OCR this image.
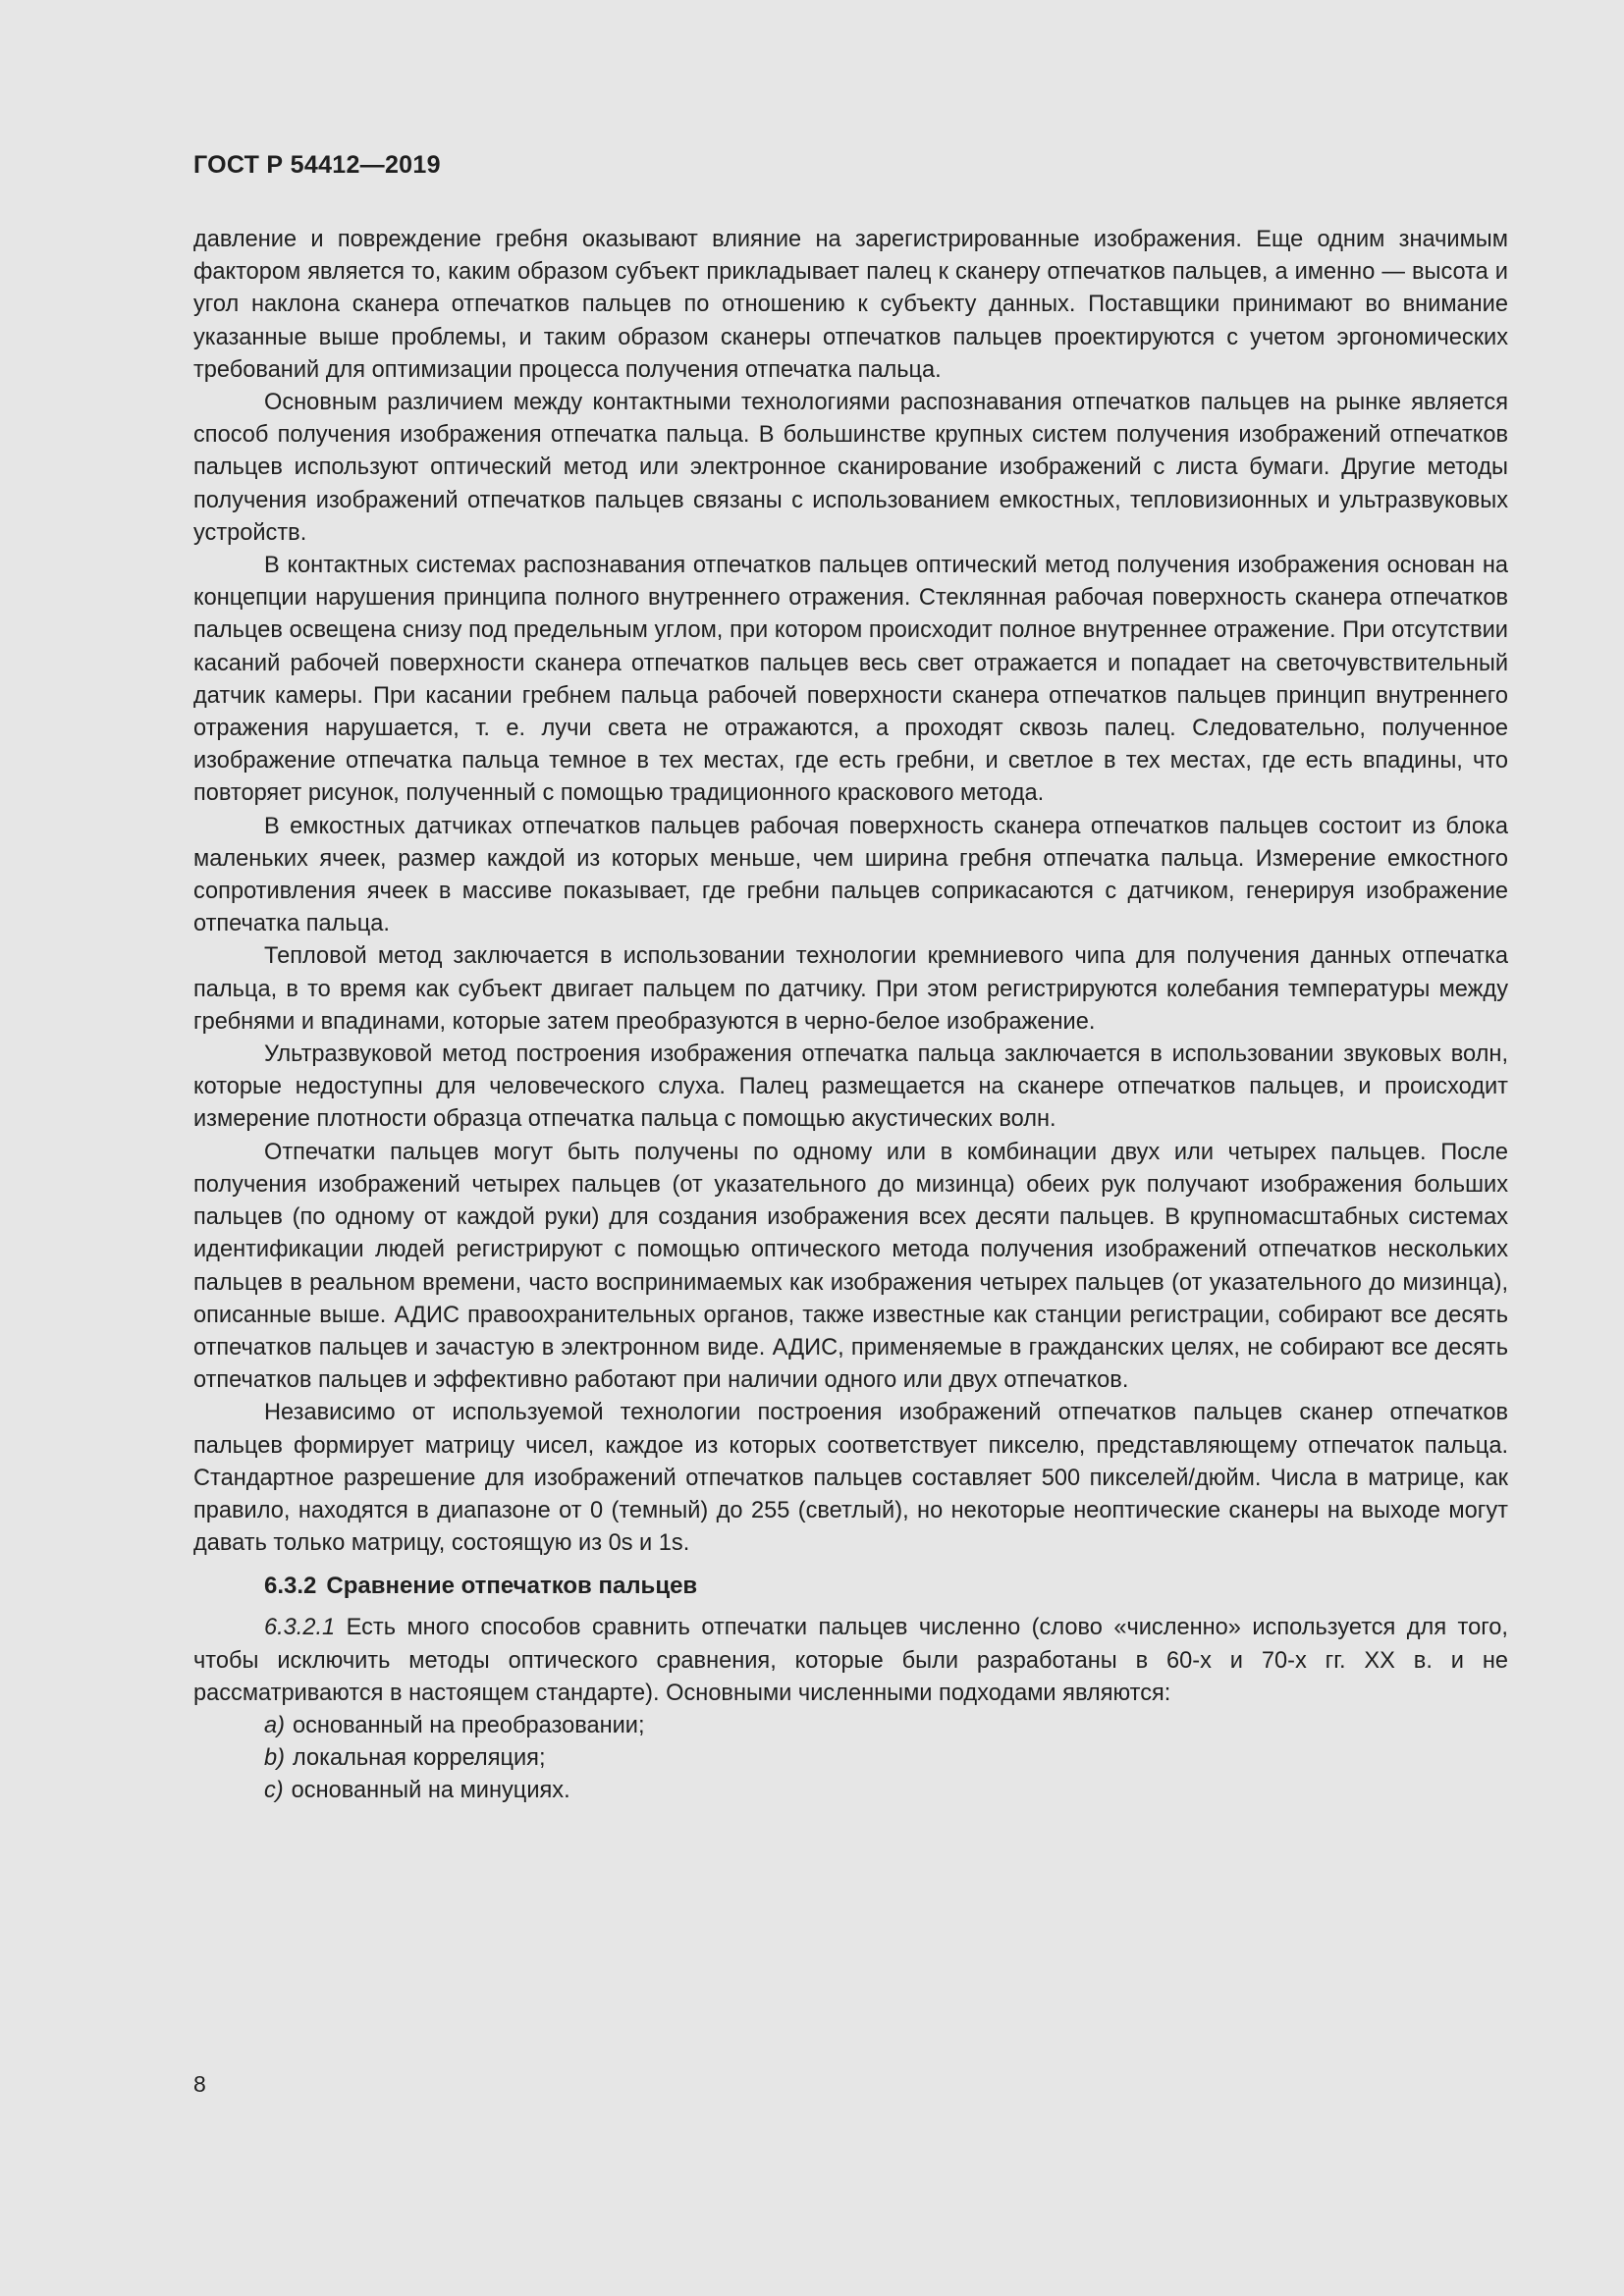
ГОСТ Р 54412—2019

давление и повреждение гребня оказывают влияние на зарегистрированные изображения. Еще одним значимым фактором является то, каким образом субъект прикладывает палец к сканеру отпечатков пальцев, а именно — высота и угол наклона сканера отпечатков пальцев по отношению к субъекту данных. Поставщики принимают во внимание указанные выше проблемы, и таким образом сканеры отпечатков пальцев проектируются с учетом эргономических требований для оптимизации процесса получения отпечатка пальца.

Основным различием между контактными технологиями распознавания отпечатков пальцев на рынке является способ получения изображения отпечатка пальца. В большинстве крупных систем получения изображений отпечатков пальцев используют оптический метод или электронное сканирование изображений с листа бумаги. Другие методы получения изображений отпечатков пальцев связаны с использованием емкостных, тепловизионных и ультразвуковых устройств.

В контактных системах распознавания отпечатков пальцев оптический метод получения изображения основан на концепции нарушения принципа полного внутреннего отражения. Стеклянная рабочая поверхность сканера отпечатков пальцев освещена снизу под предельным углом, при котором происходит полное внутреннее отражение. При отсутствии касаний рабочей поверхности сканера отпечатков пальцев весь свет отражается и попадает на светочувствительный датчик камеры. При касании гребнем пальца рабочей поверхности сканера отпечатков пальцев принцип внутреннего отражения нарушается, т. е. лучи света не отражаются, а проходят сквозь палец. Следовательно, полученное изображение отпечатка пальца темное в тех местах, где есть гребни, и светлое в тех местах, где есть впадины, что повторяет рисунок, полученный с помощью традиционного краскового метода.

В емкостных датчиках отпечатков пальцев рабочая поверхность сканера отпечатков пальцев состоит из блока маленьких ячеек, размер каждой из которых меньше, чем ширина гребня отпечатка пальца. Измерение емкостного сопротивления ячеек в массиве показывает, где гребни пальцев соприкасаются с датчиком, генерируя изображение отпечатка пальца.

Тепловой метод заключается в использовании технологии кремниевого чипа для получения данных отпечатка пальца, в то время как субъект двигает пальцем по датчику. При этом регистрируются колебания температуры между гребнями и впадинами, которые затем преобразуются в черно-белое изображение.

Ультразвуковой метод построения изображения отпечатка пальца заключается в использовании звуковых волн, которые недоступны для человеческого слуха. Палец размещается на сканере отпечатков пальцев, и происходит измерение плотности образца отпечатка пальца с помощью акустических волн.

Отпечатки пальцев могут быть получены по одному или в комбинации двух или четырех пальцев. После получения изображений четырех пальцев (от указательного до мизинца) обеих рук получают изображения больших пальцев (по одному от каждой руки) для создания изображения всех десяти пальцев. В крупномасштабных системах идентификации людей регистрируют с помощью оптического метода получения изображений отпечатков нескольких пальцев в реальном времени, часто воспринимаемых как изображения четырех пальцев (от указательного до мизинца), описанные выше. АДИС правоохранительных органов, также известные как станции регистрации, собирают все десять отпечатков пальцев и зачастую в электронном виде. АДИС, применяемые в гражданских целях, не собирают все десять отпечатков пальцев и эффективно работают при наличии одного или двух отпечатков.

Независимо от используемой технологии построения изображений отпечатков пальцев сканер отпечатков пальцев формирует матрицу чисел, каждое из которых соответствует пикселю, представляющему отпечаток пальца. Стандартное разрешение для изображений отпечатков пальцев составляет 500 пикселей/дюйм. Числа в матрице, как правило, находятся в диапазоне от 0 (темный) до 255 (светлый), но некоторые неоптические сканеры на выходе могут давать только матрицу, состоящую из 0s и 1s.

6.3.2 Сравнение отпечатков пальцев

6.3.2.1 Есть много способов сравнить отпечатки пальцев численно (слово «численно» используется для того, чтобы исключить методы оптического сравнения, которые были разработаны в 60-х и 70-х гг. XX в. и не рассматриваются в настоящем стандарте). Основными численными подходами являются:

a) основанный на преобразовании;
b) локальная корреляция;
c) основанный на минуциях.
8
